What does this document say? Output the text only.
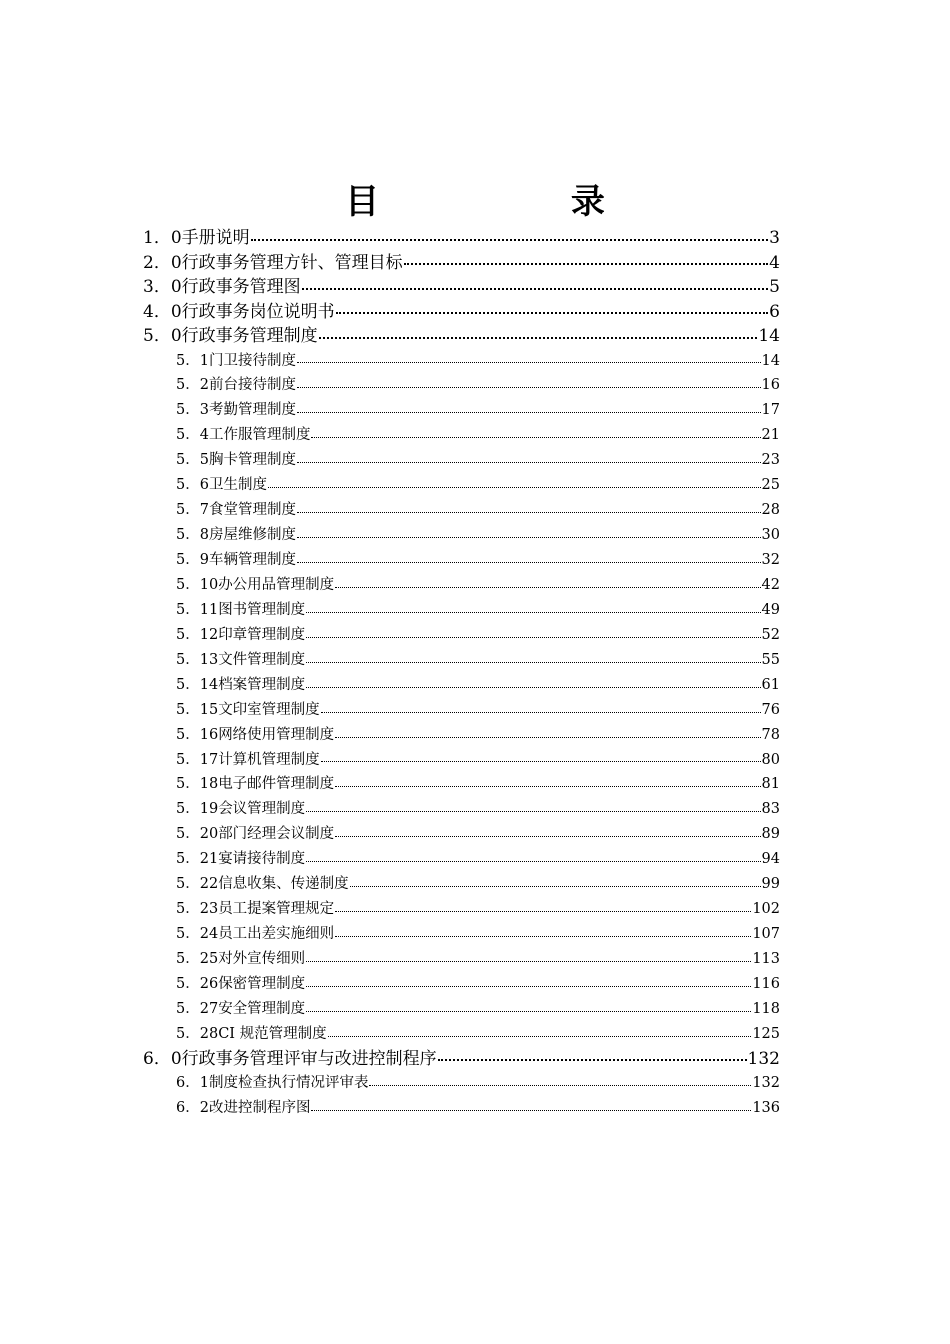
目 录
1．0 手册说明	3
2．0 行政事务管理方针、管理目标	4
3．0 行政事务管理图	5
4．0 行政事务岗位说明书	6
5．0 行政事务管理制度	14
5．1 门卫接待制度	14
5．2 前台接待制度	16
5．3 考勤管理制度	17
5．4 工作服管理制度	21
5．5 胸卡管理制度	23
5．6 卫生制度	25
5．7 食堂管理制度	28
5．8 房屋维修制度	30
5．9 车辆管理制度	32
5．10 办公用品管理制度	42
5．11 图书管理制度	49
5．12 印章管理制度	52
5．13 文件管理制度	55
5．14 档案管理制度	61
5．15 文印室管理制度	76
5．16 网络使用管理制度	78
5．17 计算机管理制度	80
5．18 电子邮件管理制度	81
5．19 会议管理制度	83
5．20 部门经理会议制度	89
5．21 宴请接待制度	94
5．22 信息收集、传递制度	99
5．23 员工提案管理规定	102
5．24 员工出差实施细则	107
5．25 对外宣传细则	113
5．26 保密管理制度	116
5．27 安全管理制度	118
5．28 CI 规范管理制度	125
6．0 行政事务管理评审与改进控制程序	132
6．1 制度检查执行情况评审表	132
6．2 改进控制程序图	136
